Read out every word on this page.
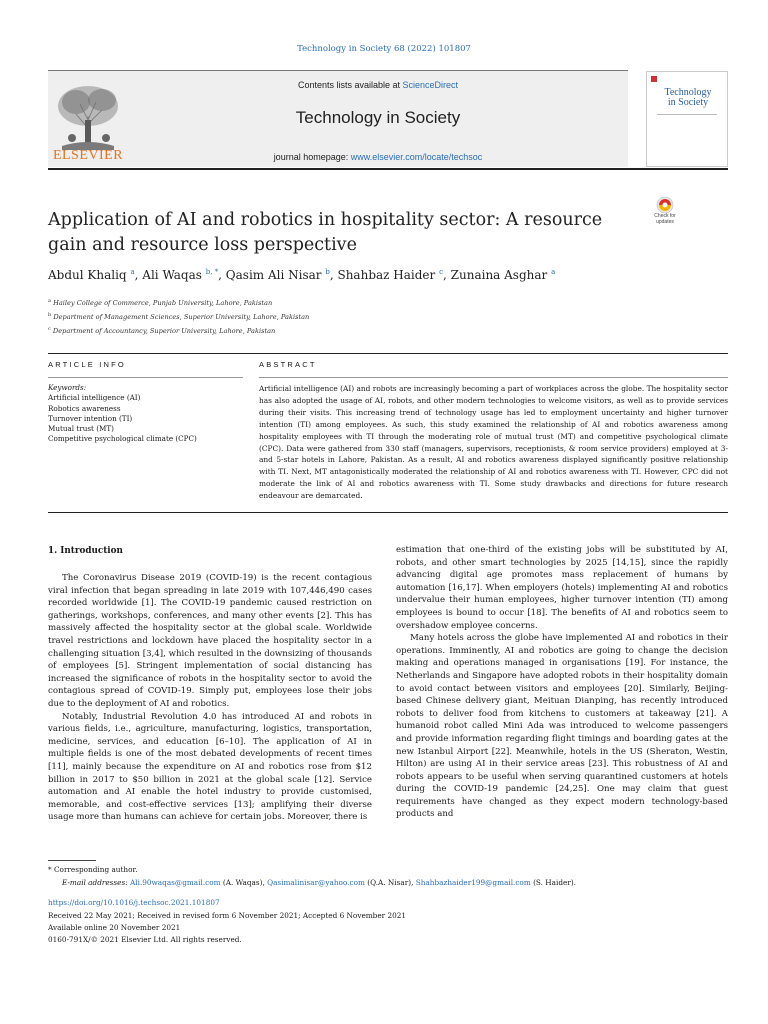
Technology in Society 68 (2022) 101807
ELSEVIER
Contents lists available at ScienceDirect
Technology in Society
journal homepage: www.elsevier.com/locate/techsoc
Technology
in Society
Check for updates
Application of AI and robotics in hospitality sector: A resource gain and resource loss perspective
Abdul Khaliq $^a$, Ali Waqas $^{b, *}$, Qasim Ali Nisar $^b$, Shahbaz Haider $^c$, Zunaina Asghar $^a$
$^a$ Hailey College of Commerce, Punjab University, Lahore, Pakistan
$^b$ Department of Management Sciences, Superior University, Lahore, Pakistan
$^c$ Department of Accountancy, Superior University, Lahore, Pakistan
ARTICLE INFO	ABSTRACT
Keywords:
Artificial intelligence (AI)
Robotics awareness
Turnover intention (TI)
Mutual trust (MT)
Competitive psychological climate (CPC)
Artificial intelligence (AI) and robots are increasingly becoming a part of workplaces across the globe. The hospitality sector has also adopted the usage of AI, robots, and other modern technologies to welcome visitors, as well as to provide services during their visits. This increasing trend of technology usage has led to employment uncertainty and higher turnover intention (TI) among employees. As such, this study examined the relationship of AI and robotics awareness among hospitality employees with TI through the moderating role of mutual trust (MT) and competitive psychological climate (CPC). Data were gathered from 330 staff (managers, supervisors, receptionists, & room service providers) employed at 3- and 5-star hotels in Lahore, Pakistan. As a result, AI and robotics awareness displayed significantly positive relationship with TI. Next, MT antagonistically moderated the relationship of AI and robotics awareness with TI. However, CPC did not moderate the link of AI and robotics awareness with TI. Some study drawbacks and directions for future research endeavour are demarcated.
1. Introduction

The Coronavirus Disease 2019 (COVID-19) is the recent contagious viral infection that began spreading in late 2019 with 107,446,490 cases recorded worldwide [1]. The COVID-19 pandemic caused restriction on gatherings, workshops, conferences, and many other events [2]. This has massively affected the hospitality sector at the global scale. Worldwide travel restrictions and lockdown have placed the hospitality sector in a challenging situation [3,4], which resulted in the downsizing of thousands of employees [5]. Stringent implementation of social distancing has increased the significance of robots in the hospitality sector to avoid the contagious spread of COVID-19. Simply put, employees lose their jobs due to the deployment of AI and robotics.

Notably, Industrial Revolution 4.0 has introduced AI and robots in various fields, i.e., agriculture, manufacturing, logistics, transportation, medicine, services, and education [6–10]. The application of AI in multiple fields is one of the most debated developments of recent times [11], mainly because the expenditure on AI and robotics rose from $12 billion in 2017 to $50 billion in 2021 at the global scale [12]. Service automation and AI enable the hotel industry to provide customised, memorable, and cost-effective services [13]; amplifying their diverse usage more than humans can achieve for certain jobs. Moreover, there is

estimation that one-third of the existing jobs will be substituted by AI, robots, and other smart technologies by 2025 [14,15], since the rapidly advancing digital age promotes mass replacement of humans by automation [16,17]. When employers (hotels) implementing AI and robotics undervalue their human employees, higher turnover intention (TI) among employees is bound to occur [18]. The benefits of AI and robotics seem to overshadow employee concerns.

Many hotels across the globe have implemented AI and robotics in their operations. Imminently, AI and robotics are going to change the decision making and operations managed in organisations [19]. For instance, the Netherlands and Singapore have adopted robots in their hospitality domain to avoid contact between visitors and employees [20]. Similarly, Beijing-based Chinese delivery giant, Meituan Dianping, has recently introduced robots to deliver food from kitchens to customers at takeaway [21]. A humanoid robot called Mini Ada was introduced to welcome passengers and provide information regarding flight timings and boarding gates at the new Istanbul Airport [22]. Meanwhile, hotels in the US (Sheraton, Westin, Hilton) are using AI in their service areas [23]. This robustness of AI and robots appears to be useful when serving quarantined customers at hotels during the COVID-19 pandemic [24,25]. One may claim that guest requirements have changed as they expect modern technology-based products and

* Corresponding author.
E-mail addresses: Ali.90waqas@gmail.com (A. Waqas), Qasimalinisar@yahoo.com (Q.A. Nisar), Shahbazhaider199@gmail.com (S. Haider).
https://doi.org/10.1016/j.techsoc.2021.101807
Received 22 May 2021; Received in revised form 6 November 2021; Accepted 6 November 2021
Available online 20 November 2021
0160-791X/© 2021 Elsevier Ltd. All rights reserved.
